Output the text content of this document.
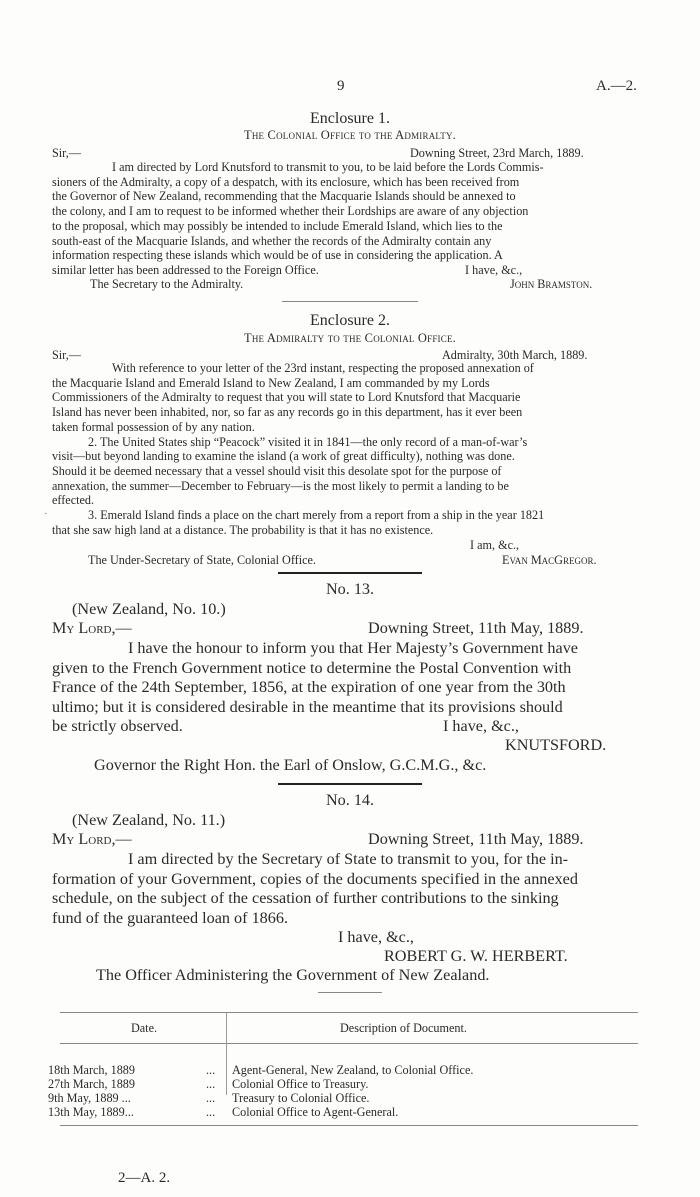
9	A.—2.
Enclosure 1.
The Colonial Office to the Admiralty.
Sir,—	Downing Street, 23rd March, 1889.
I am directed by Lord Knutsford to transmit to you, to be laid before the Lords Commis-
sioners of the Admiralty, a copy of a despatch, with its enclosure, which has been received from
the Governor of New Zealand, recommending that the Macquarie Islands should be annexed to
the colony, and I am to request to be informed whether their Lordships are aware of any objection
to the proposal, which may possibly be intended to include Emerald Island, which lies to the
south-east of the Macquarie Islands, and whether the records of the Admiralty contain any
information respecting these islands which would be of use in considering the application. A
similar letter has been addressed to the Foreign Office.	I have, &c.,
The Secretary to the Admiralty.	John Bramston.
Enclosure 2.
The Admiralty to the Colonial Office.
Sir,—	Admiralty, 30th March, 1889.
With reference to your letter of the 23rd instant, respecting the proposed annexation of
the Macquarie Island and Emerald Island to New Zealand, I am commanded by my Lords
Commissioners of the Admiralty to request that you will state to Lord Knutsford that Macquarie
Island has never been inhabited, nor, so far as any records go in this department, has it ever been
taken formal possession of by any nation.
2. The United States ship “Peacock” visited it in 1841—the only record of a man-of-war’s
visit—but beyond landing to examine the island (a work of great difficulty), nothing was done.
Should it be deemed necessary that a vessel should visit this desolate spot for the purpose of
annexation, the summer—December to February—is the most likely to permit a landing to be
effected.
3. Emerald Island finds a place on the chart merely from a report from a ship in the year 1821
that she saw high land at a distance. The probability is that it has no existence.
·
I am, &c.,
The Under-Secretary of State, Colonial Office.	Evan MacGregor.
No. 13.
(New Zealand, No. 10.)
My Lord,—	Downing Street, 11th May, 1889.
I have the honour to inform you that Her Majesty’s Government have
given to the French Government notice to determine the Postal Convention with
France of the 24th September, 1856, at the expiration of one year from the 30th
ultimo; but it is considered desirable in the meantime that its provisions should
be strictly observed.	I have, &c.,
KNUTSFORD.
Governor the Right Hon. the Earl of Onslow, G.C.M.G., &c.
No. 14.
(New Zealand, No. 11.)
My Lord,—	Downing Street, 11th May, 1889.
I am directed by the Secretary of State to transmit to you, for the in-
formation of your Government, copies of the documents specified in the annexed
schedule, on the subject of the cessation of further contributions to the sinking
fund of the guaranteed loan of 1866.
I have, &c.,
ROBERT G. W. HERBERT.
The Officer Administering the Government of New Zealand.
Date.	Description of Document.
18th March, 1889	... Agent-General, New Zealand, to Colonial Office.
27th March, 1889	... Colonial Office to Treasury.
9th May, 1889 ...	... Treasury to Colonial Office.
13th May, 1889...	... Colonial Office to Agent-General.
2—A. 2.
